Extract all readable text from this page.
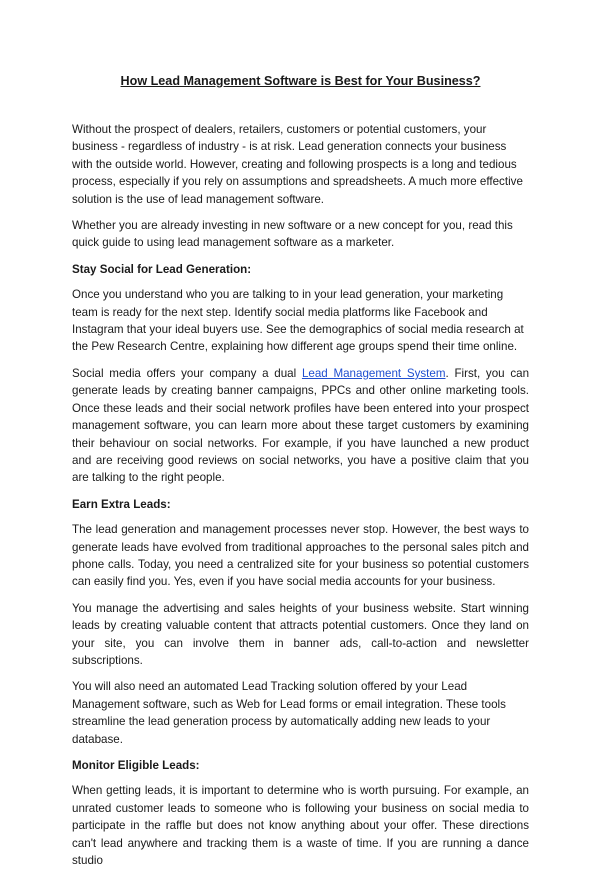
How Lead Management Software is Best for Your Business?

Without the prospect of dealers, retailers, customers or potential customers, your business - regardless of industry - is at risk. Lead generation connects your business with the outside world. However, creating and following prospects is a long and tedious process, especially if you rely on assumptions and spreadsheets. A much more effective solution is the use of lead management software.

Whether you are already investing in new software or a new concept for you, read this quick guide to using lead management software as a marketer.

Stay Social for Lead Generation:

Once you understand who you are talking to in your lead generation, your marketing team is ready for the next step. Identify social media platforms like Facebook and Instagram that your ideal buyers use. See the demographics of social media research at the Pew Research Centre, explaining how different age groups spend their time online.

Social media offers your company a dual Lead Management System. First, you can generate leads by creating banner campaigns, PPCs and other online marketing tools. Once these leads and their social network profiles have been entered into your prospect management software, you can learn more about these target customers by examining their behaviour on social networks. For example, if you have launched a new product and are receiving good reviews on social networks, you have a positive claim that you are talking to the right people.

Earn Extra Leads:

The lead generation and management processes never stop. However, the best ways to generate leads have evolved from traditional approaches to the personal sales pitch and phone calls. Today, you need a centralized site for your business so potential customers can easily find you. Yes, even if you have social media accounts for your business.

You manage the advertising and sales heights of your business website. Start winning leads by creating valuable content that attracts potential customers. Once they land on your site, you can involve them in banner ads, call-to-action and newsletter subscriptions.

You will also need an automated Lead Tracking solution offered by your Lead Management software, such as Web for Lead forms or email integration. These tools streamline the lead generation process by automatically adding new leads to your database.

Monitor Eligible Leads:

When getting leads, it is important to determine who is worth pursuing. For example, an unrated customer leads to someone who is following your business on social media to participate in the raffle but does not know anything about your offer. These directions can't lead anywhere and tracking them is a waste of time. If you are running a dance studio
